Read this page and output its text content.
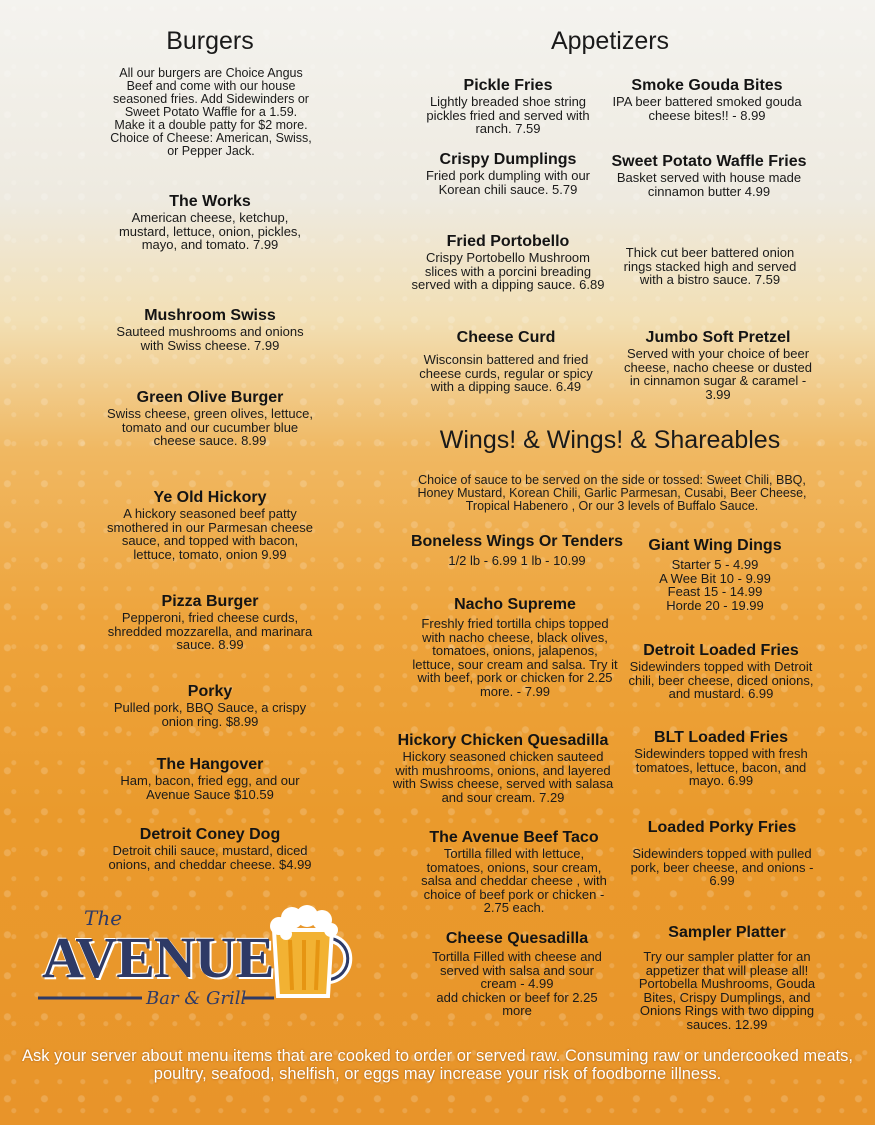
Burgers
All our burgers are Choice Angus Beef and come with our house seasoned fries. Add Sidewinders or Sweet Potato Waffle for a 1.59. Make it a double patty for $2 more. Choice of Cheese: American, Swiss, or Pepper Jack.
The Works
American cheese, ketchup, mustard, lettuce, onion, pickles, mayo, and tomato. 7.99
Mushroom Swiss
Sauteed mushrooms and onions with Swiss cheese. 7.99
Green Olive Burger
Swiss cheese, green olives, lettuce, tomato and our cucumber blue cheese sauce. 8.99
Ye Old Hickory
A hickory seasoned beef patty smothered in our Parmesan cheese sauce, and topped with bacon, lettuce, tomato, onion 9.99
Pizza Burger
Pepperoni, fried cheese curds, shredded mozzarella, and marinara sauce. 8.99
Porky
Pulled pork, BBQ Sauce, a crispy onion ring. $8.99
The Hangover
Ham, bacon, fried egg, and our Avenue Sauce $10.59
Detroit Coney Dog
Detroit chili sauce, mustard, diced onions, and cheddar cheese. $4.99
Appetizers
Pickle Fries
Lightly breaded shoe string pickles fried and served with ranch. 7.59
Smoke Gouda Bites
IPA beer battered smoked gouda cheese bites!! - 8.99
Crispy Dumplings
Fried pork dumpling with our Korean chili sauce. 5.79
Sweet Potato Waffle Fries
Basket served with house made cinnamon butter 4.99
Fried Portobello
Crispy Portobello Mushroom slices with a porcini breading served with a dipping sauce. 6.89
Thick cut beer battered onion rings stacked high and served with a bistro sauce. 7.59
Cheese Curd
Wisconsin battered and fried cheese curds, regular or spicy with a dipping sauce. 6.49
Jumbo Soft Pretzel
Served with your choice of beer cheese, nacho cheese or dusted in cinnamon sugar & caramel - 3.99
Wings! & Wings! & Shareables
Choice of sauce to be served on the side or tossed: Sweet Chili, BBQ, Honey Mustard, Korean Chili, Garlic Parmesan, Cusabi, Beer Cheese, Tropical Habenero , Or our 3 levels of Buffalo Sauce.
Boneless Wings Or Tenders
1/2 lb - 6.99 1 lb - 10.99
Giant Wing Dings
Starter 5 - 4.99
A Wee Bit 10 - 9.99
Feast 15 - 14.99
Horde 20 - 19.99
Nacho Supreme
Freshly fried tortilla chips topped with nacho cheese, black olives, tomatoes, onions, jalapenos, lettuce, sour cream and salsa. Try it with beef, pork or chicken for 2.25 more. - 7.99
Detroit Loaded Fries
Sidewinders topped with Detroit chili, beer cheese, diced onions, and mustard. 6.99
Hickory Chicken Quesadilla
Hickory seasoned chicken sauteed with mushrooms, onions, and layered with Swiss cheese, served with salasa and sour cream. 7.29
BLT Loaded Fries
Sidewinders topped with fresh tomatoes, lettuce, bacon, and mayo. 6.99
The Avenue Beef Taco
Tortilla filled with lettuce, tomatoes, onions, sour cream, salsa and cheddar cheese , with choice of beef pork or chicken - 2.75 each.
Loaded Porky Fries
Sidewinders topped with pulled pork, beer cheese, and onions - 6.99
Cheese Quesadilla
Tortilla Filled with cheese and served with salsa and sour cream - 4.99
add chicken or beef for 2.25 more
Sampler Platter
Try our sampler platter for an appetizer that will please all! Portobella Mushrooms, Gouda Bites, Crispy Dumplings, and Onions Rings with two dipping sauces. 12.99
The
AVENUE
Bar & Grill
Ask your server about menu items that are cooked to order or served raw. Consuming raw or undercooked meats, poultry, seafood, shelfish, or eggs may increase your risk of foodborne illness.
